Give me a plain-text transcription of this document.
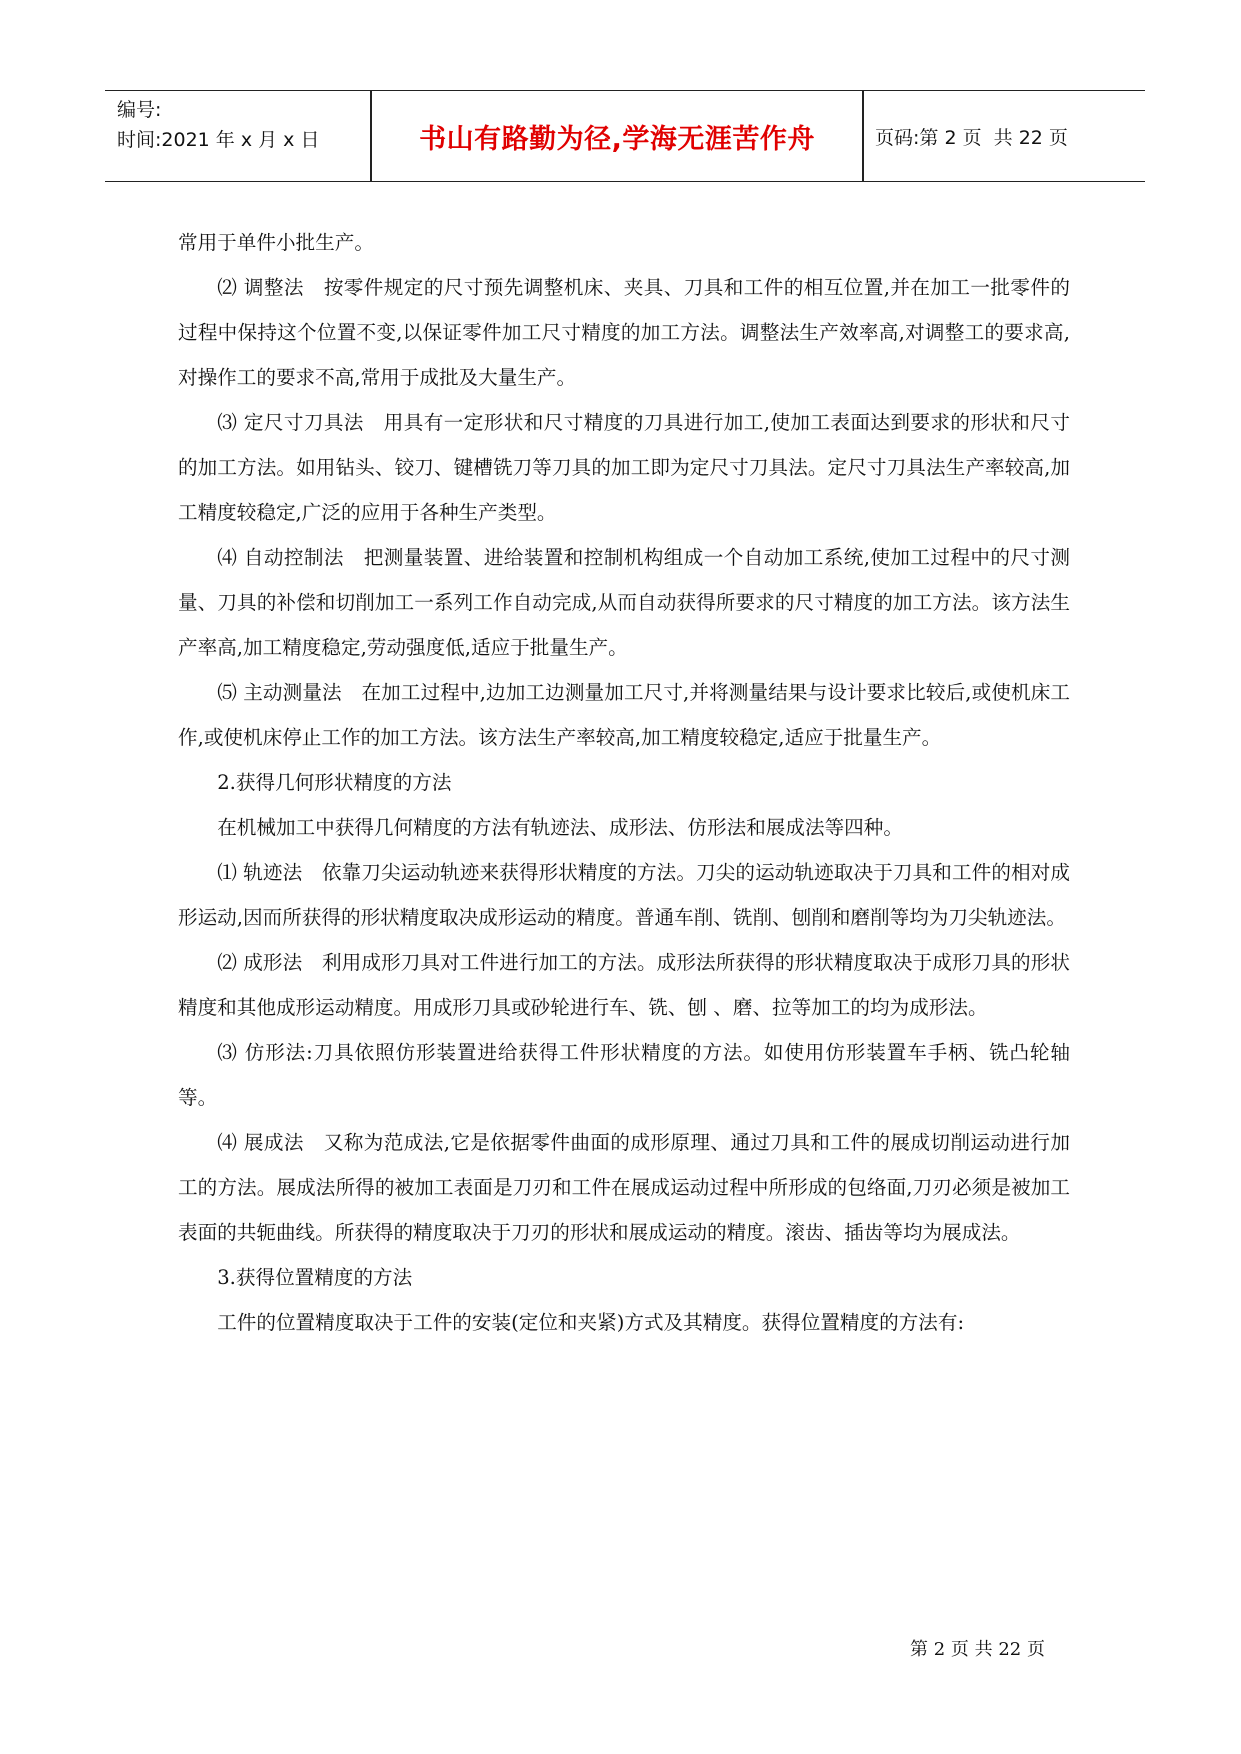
编号:
时间:2021 年 x 月 x 日	书山有路勤为径,学海无涯苦作舟	页码:第 2 页  共 22 页

常用于单件小批生产。

⑵ 调整法　按零件规定的尺寸预先调整机床、夹具、刀具和工件的相互位置,并在加工一批零件的过程中保持这个位置不变,以保证零件加工尺寸精度的加工方法。调整法生产效率高,对调整工的要求高,对操作工的要求不高,常用于成批及大量生产。

⑶ 定尺寸刀具法　用具有一定形状和尺寸精度的刀具进行加工,使加工表面达到要求的形状和尺寸的加工方法。如用钻头、铰刀、键槽铣刀等刀具的加工即为定尺寸刀具法。定尺寸刀具法生产率较高,加工精度较稳定,广泛的应用于各种生产类型。

⑷ 自动控制法　把测量装置、进给装置和控制机构组成一个自动加工系统,使加工过程中的尺寸测量、刀具的补偿和切削加工一系列工作自动完成,从而自动获得所要求的尺寸精度的加工方法。该方法生产率高,加工精度稳定,劳动强度低,适应于批量生产。

⑸ 主动测量法　在加工过程中,边加工边测量加工尺寸,并将测量结果与设计要求比较后,或使机床工作,或使机床停止工作的加工方法。该方法生产率较高,加工精度较稳定,适应于批量生产。

2.获得几何形状精度的方法

在机械加工中获得几何精度的方法有轨迹法、成形法、仿形法和展成法等四种。

⑴ 轨迹法　依靠刀尖运动轨迹来获得形状精度的方法。刀尖的运动轨迹取决于刀具和工件的相对成形运动,因而所获得的形状精度取决成形运动的精度。普通车削、铣削、刨削和磨削等均为刀尖轨迹法。

⑵ 成形法　利用成形刀具对工件进行加工的方法。成形法所获得的形状精度取决于成形刀具的形状精度和其他成形运动精度。用成形刀具或砂轮进行车、铣、刨 、磨、拉等加工的均为成形法。

⑶ 仿形法:刀具依照仿形装置进给获得工件形状精度的方法。如使用仿形装置车手柄、铣凸轮轴等。

⑷ 展成法　又称为范成法,它是依据零件曲面的成形原理、通过刀具和工件的展成切削运动进行加工的方法。展成法所得的被加工表面是刀刃和工件在展成运动过程中所形成的包络面,刀刃必须是被加工表面的共轭曲线。所获得的精度取决于刀刃的形状和展成运动的精度。滚齿、插齿等均为展成法。

3.获得位置精度的方法

工件的位置精度取决于工件的安装(定位和夹紧)方式及其精度。获得位置精度的方法有:

第 2 页 共 22 页
